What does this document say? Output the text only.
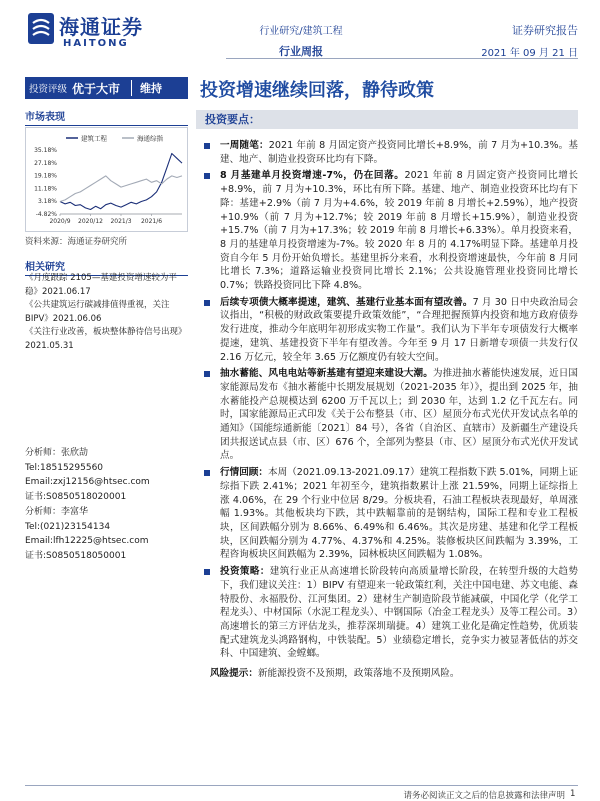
海通证券
HAITONG
行业研究/建筑工程
行业周报
证券研究报告
2021 年 09 月 21 日
投资评级 优于大市	维持 投资增速继续回落，静待政策
市场表现
35.18%
27.18%
19.18%
11.18%
3.18%
-4.82%
2020/9 2020/12 2021/3 2021/6
建筑工程	海通综指
资料来源：海通证券研究所
相关研究
《月度跟踪 2105—基建投资增速较为平稳》2021.06.17
《公共建筑运行碳减排值得重视，关注 BIPV》2021.06.06
《关注行业改善，板块整体静待信号出现》2021.05.31
分析师：张欣劼
Tel:18515295560
Email:zxj12156@htsec.com
证书:S0850518020001
分析师：李富华
Tel:(021)23154134
Email:lfh12225@htsec.com
证书:S0850518050001
投资要点：
一周随笔：2021 年前 8 月固定资产投资同比增长+8.9%，前 7 月为+10.3%。基建、地产、制造业投资环比均有下降。
8 月基建单月投资增速-7%，仍在回落。2021 年前 8 月固定资产投资同比增长+8.9%，前 7 月为+10.3%，环比有所下降。基建、地产、制造业投资环比均有下降：基建+2.9%（前 7 月为+4.6%，较 2019 年前 8 月增长+2.59%），地产投资+10.9%（前 7 月为+12.7%；较 2019 年前 8 月增长+15.9%），制造业投资+15.7%（前 7 月为+17.3%；较 2019 年前 8 月增长+6.33%）。单月投资来看，8 月的基建单月投资增速为-7%。较 2020 年 8 月的 4.17%明显下降。基建单月投资自今年 5 月份开始负增长。基建里拆分来看，水利投资增速最快，今年前 8 月同比增长 7.3%；道路运输业投资同比增长 2.1%；公共设施管理业投资同比增长 0.7%；铁路投资同比下降 4.8%。
后续专项债大概率提速，建筑、基建行业基本面有望改善。7 月 30 日中央政治局会议指出，“积极的财政政策要提升政策效能”，“合理把握预算内投资和地方政府债券发行进度，推动今年底明年初形成实物工作量”。我们认为下半年专项债发行大概率提速，建筑、基建投资下半年有望改善。今年至 9 月 17 日新增专项债一共发行仅 2.16 万亿元，较全年 3.65 万亿额度仍有较大空间。
抽水蓄能、风电电站等新基建有望迎来建设大潮。为推进抽水蓄能快速发展，近日国家能源局发布《抽水蓄能中长期发展规划（2021-2035 年）》，提出到 2025 年，抽水蓄能投产总规模达到 6200 万千瓦以上；到 2030 年，达到 1.2 亿千瓦左右。同时，国家能源局正式印发《关于公布整县（市、区）屋顶分布式光伏开发试点名单的通知》（国能综通新能〔2021〕84 号），各省（自治区、直辖市）及新疆生产建设兵团共报送试点县（市、区）676 个，全部列为整县（市、区）屋顶分布式光伏开发试点。
行情回顾：本周（2021.09.13-2021.09.17）建筑工程指数下跌 5.01%，同期上证综指下跌 2.41%；2021 年初至今，建筑指数累计上涨 21.59%，同期上证综指上涨 4.06%，在 29 个行业中位居 8/29。分板块看，石油工程板块表现最好，单周涨幅 1.93%。其他板块均下跌，其中跌幅靠前的是钢结构，国际工程和专业工程板块，区间跌幅分别为 8.66%、6.49%和 6.46%。其次是房建、基建和化学工程板块，区间跌幅分别为 4.77%、4.37%和 4.25%。装修板块区间跌幅为 3.39%，工程咨询板块区间跌幅为 2.39%，园林板块区间跌幅为 1.08%。
投资策略：建筑行业正从高速增长阶段转向高质量增长阶段，在转型升级的大趋势下，我们建议关注：1）BIPV 有望迎来一轮政策红利，关注中国电建、苏文电能、森特股份、永福股份、江河集团。2）建材生产制造阶段节能减碳，中国化学（化学工程龙头）、中材国际（水泥工程龙头）、中钢国际（冶金工程龙头）及等工程公司。3）高速增长的第三方评估龙头，推荐深圳瑞捷。4）建筑工业化是确定性趋势，优质装配式建筑龙头鸿路钢构，中铁装配。5）业绩稳定增长，竞争实力被显著低估的苏交科、中国建筑、金螳螂。
风险提示：新能源投资不及预期，政策落地不及预期风险。
请务必阅读正文之后的信息披露和法律声明 1
